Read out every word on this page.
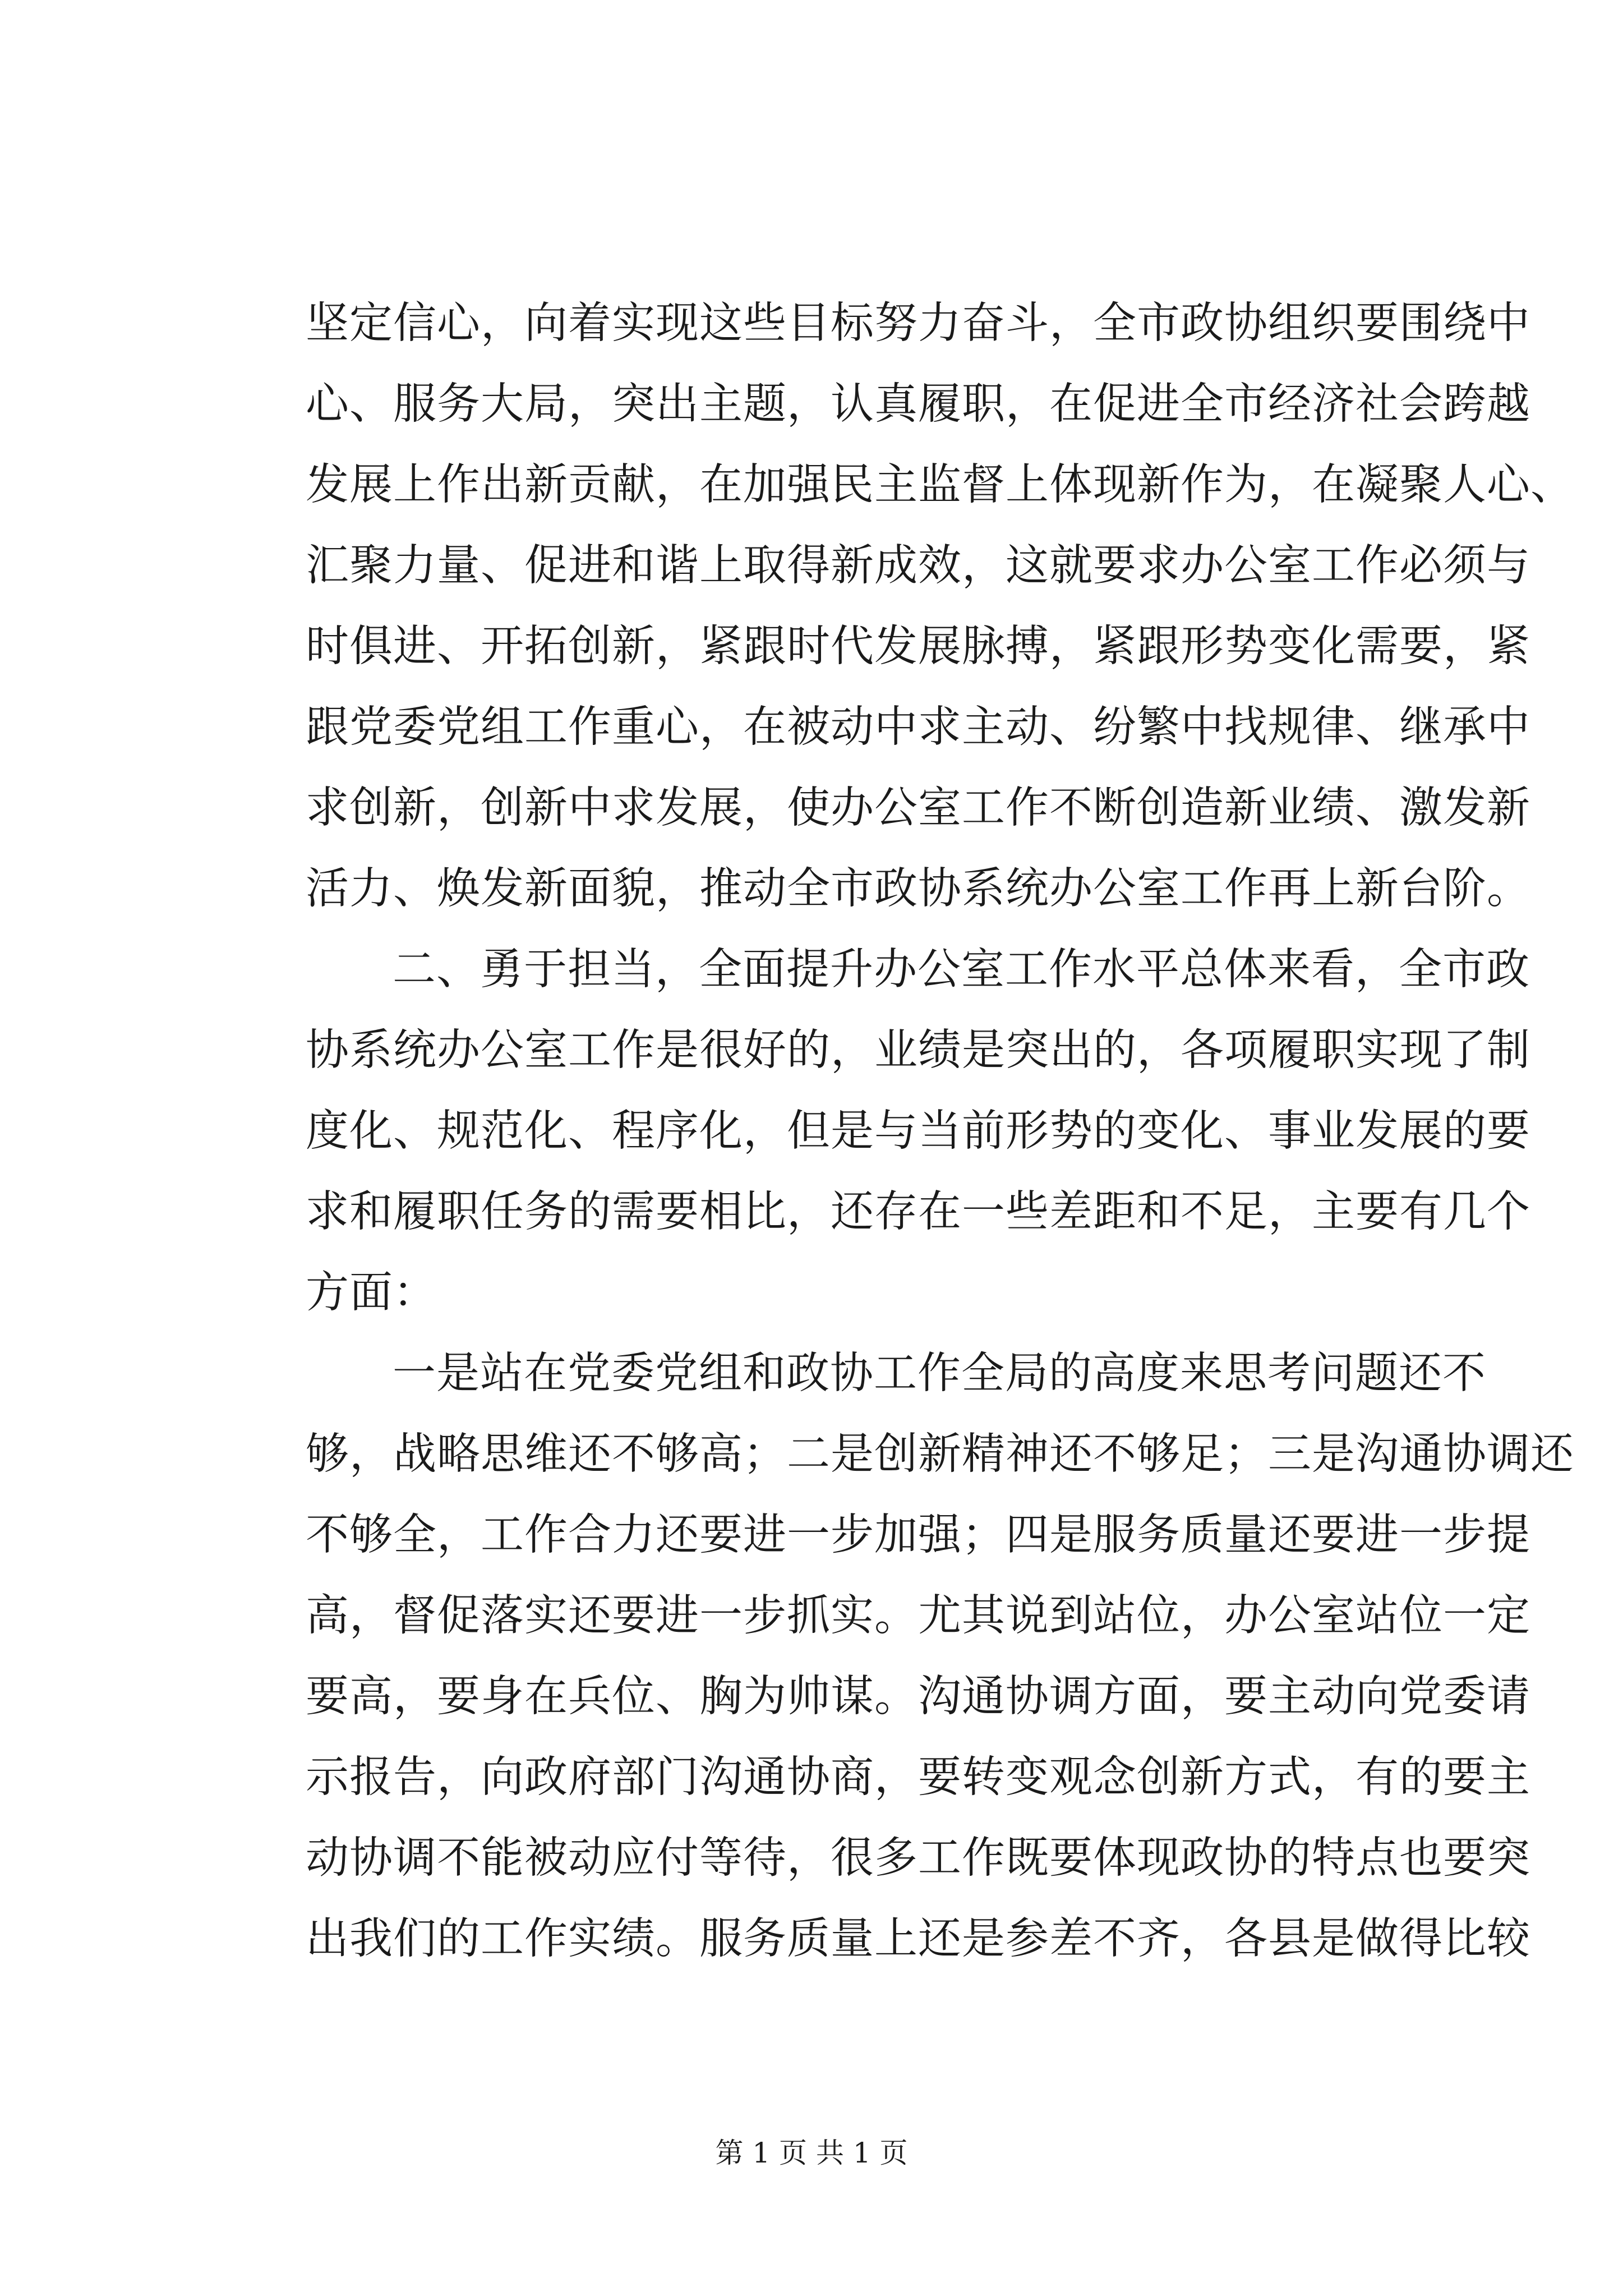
坚定信心，向着实现这些目标努力奋斗，全市政协组织要围绕中
心、服务大局，突出主题，认真履职，在促进全市经济社会跨越
发展上作出新贡献，在加强民主监督上体现新作为，在凝聚人心、
汇聚力量、促进和谐上取得新成效，这就要求办公室工作必须与
时俱进、开拓创新，紧跟时代发展脉搏，紧跟形势变化需要，紧
跟党委党组工作重心，在被动中求主动、纷繁中找规律、继承中
求创新，创新中求发展，使办公室工作不断创造新业绩、激发新
活力、焕发新面貌，推动全市政协系统办公室工作再上新台阶。
二、勇于担当，全面提升办公室工作水平总体来看，全市政
协系统办公室工作是很好的，业绩是突出的，各项履职实现了制
度化、规范化、程序化，但是与当前形势的变化、事业发展的要
求和履职任务的需要相比，还存在一些差距和不足，主要有几个
方面：
一是站在党委党组和政协工作全局的高度来思考问题还不
够，战略思维还不够高；二是创新精神还不够足；三是沟通协调还
不够全，工作合力还要进一步加强；四是服务质量还要进一步提
高，督促落实还要进一步抓实。尤其说到站位，办公室站位一定
要高，要身在兵位、胸为帅谋。沟通协调方面，要主动向党委请
示报告，向政府部门沟通协商，要转变观念创新方式，有的要主
动协调不能被动应付等待，很多工作既要体现政协的特点也要突
出我们的工作实绩。服务质量上还是参差不齐，各县是做得比较
第 1 页 共 1 页
